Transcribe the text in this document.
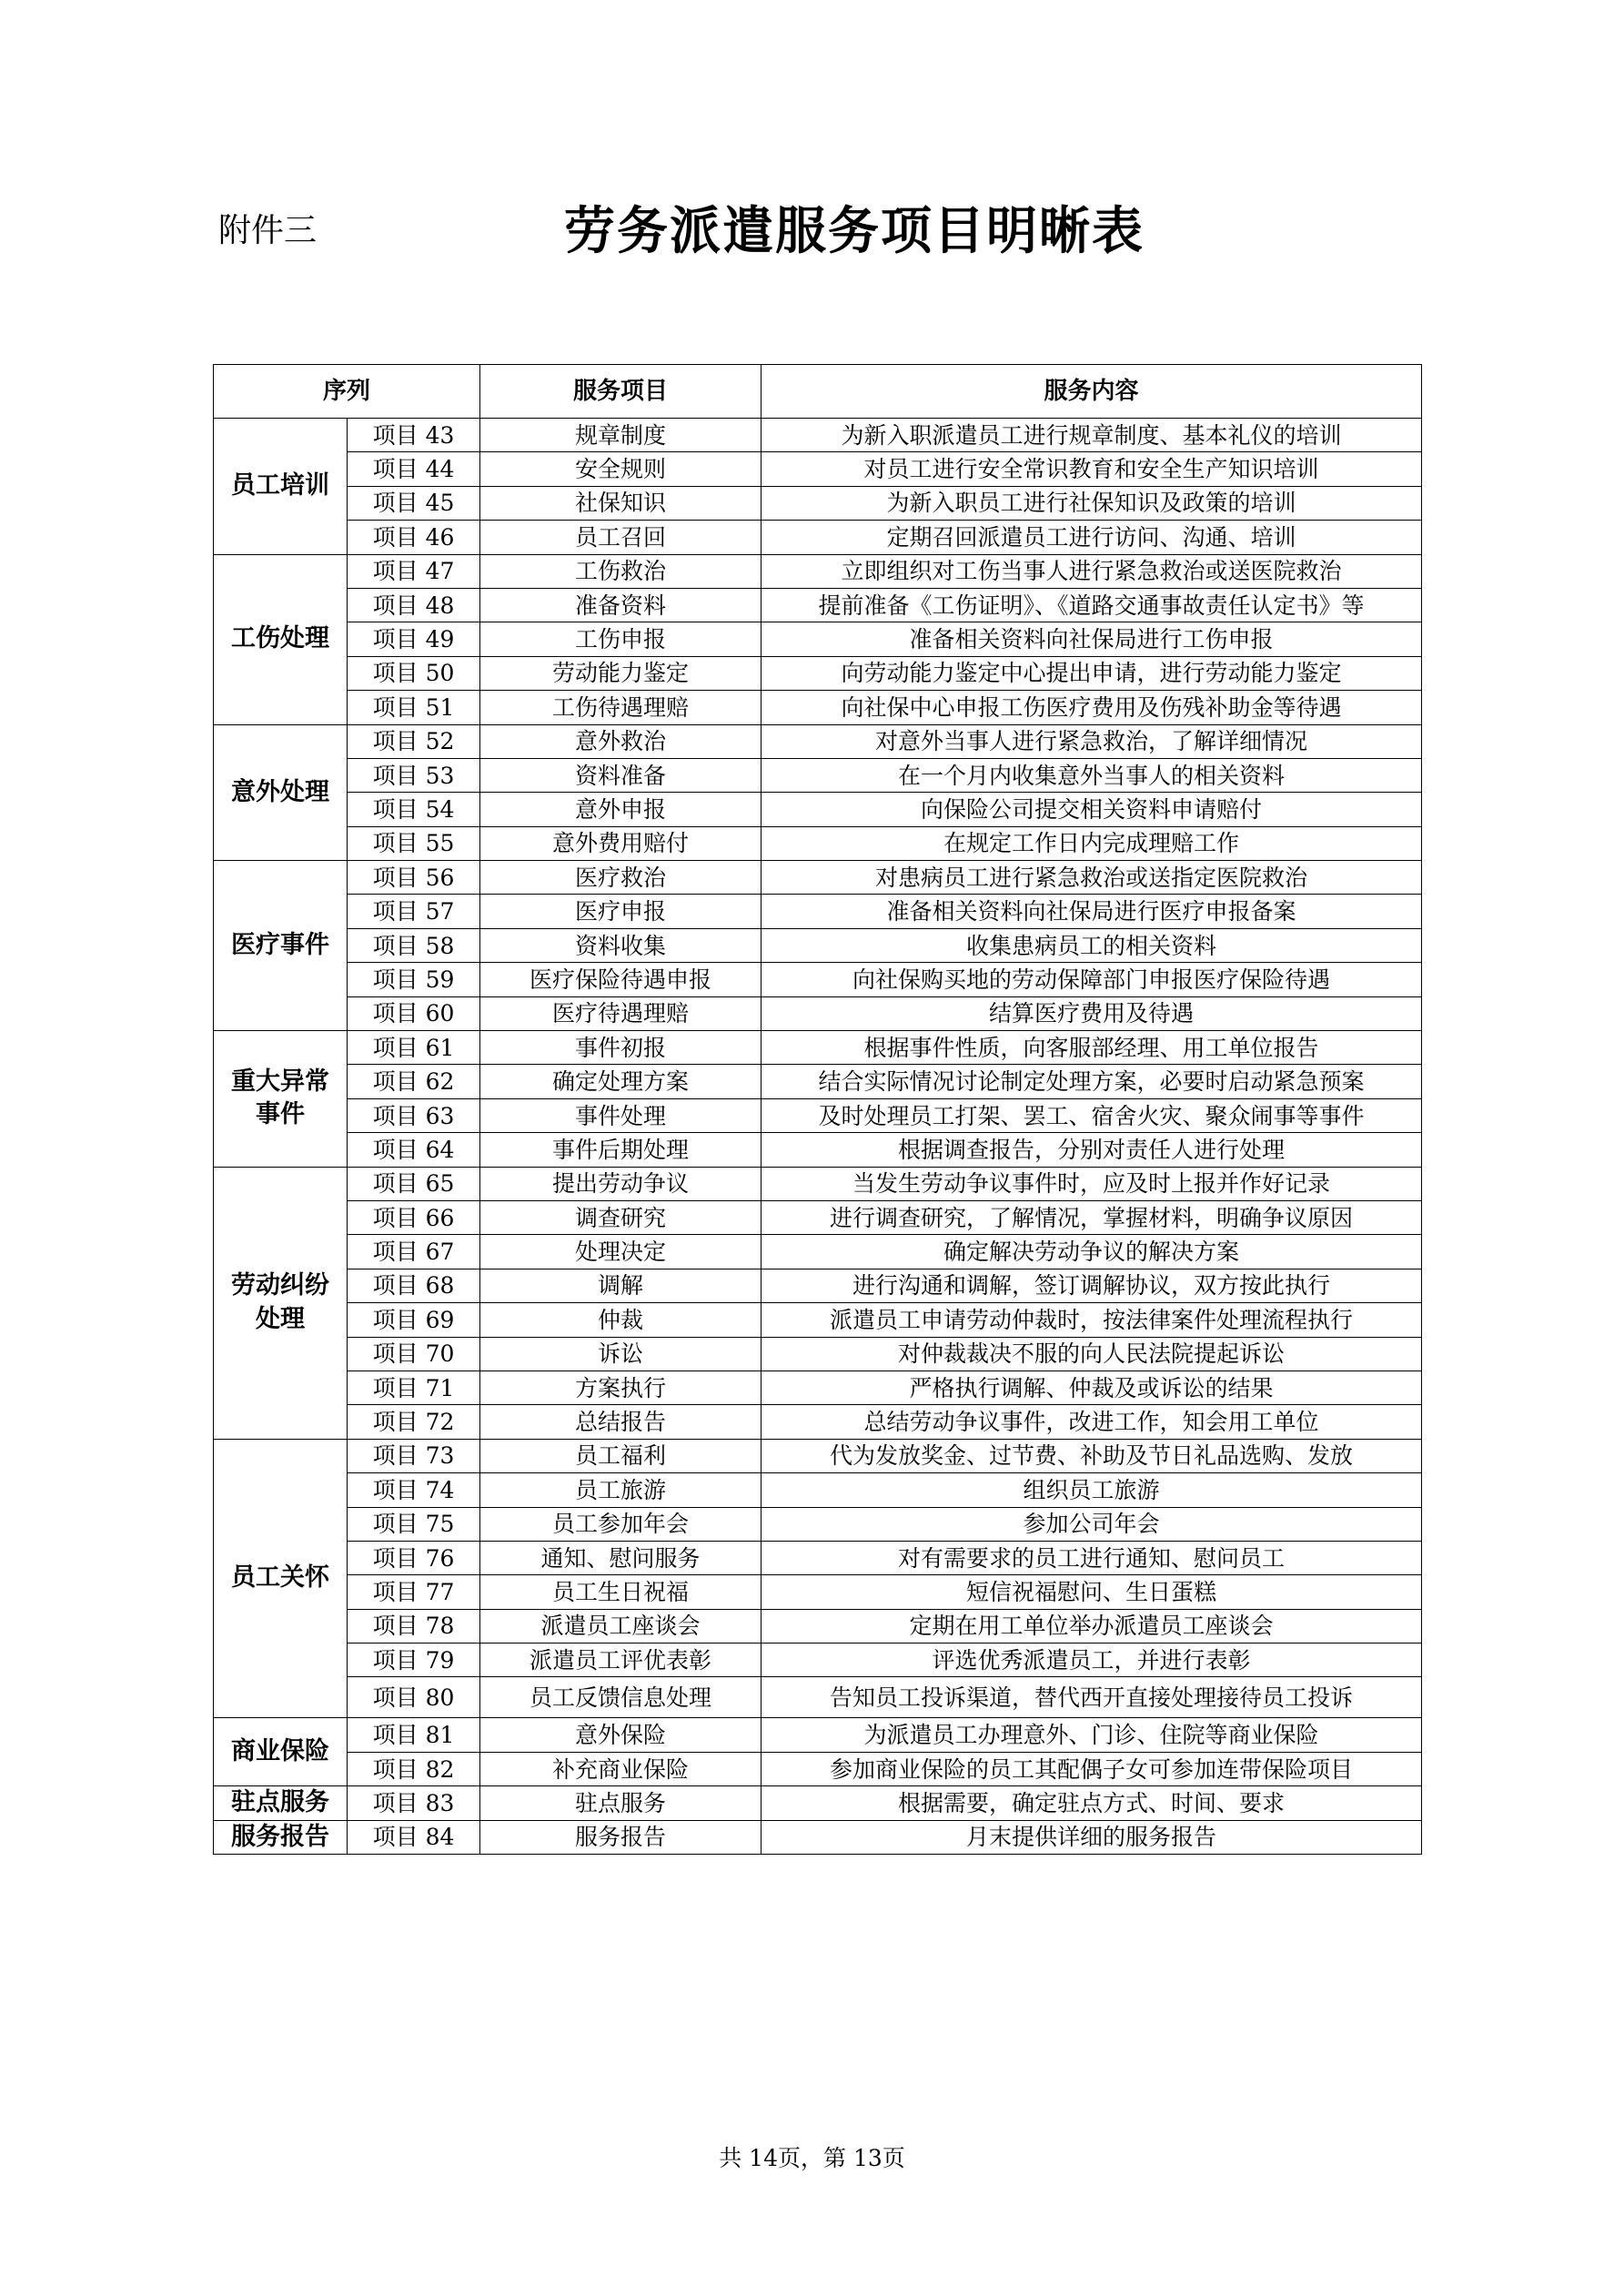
附件三	劳务派遣服务项目明晰表
序列		服务项目	服务内容
员工培训	项目 43	规章制度	为新入职派遣员工进行规章制度、基本礼仪的培训
	项目 44	安全规则	对员工进行安全常识教育和安全生产知识培训
	项目 45	社保知识	为新入职员工进行社保知识及政策的培训
	项目 46	员工召回	定期召回派遣员工进行访问、沟通、培训
工伤处理	项目 47	工伤救治	立即组织对工伤当事人进行紧急救治或送医院救治
	项目 48	准备资料	提前准备《工伤证明》、《道路交通事故责任认定书》等
	项目 49	工伤申报	准备相关资料向社保局进行工伤申报
	项目 50	劳动能力鉴定	向劳动能力鉴定中心提出申请，进行劳动能力鉴定
	项目 51	工伤待遇理赔	向社保中心申报工伤医疗费用及伤残补助金等待遇
意外处理	项目 52	意外救治	对意外当事人进行紧急救治，了解详细情况
	项目 53	资料准备	在一个月内收集意外当事人的相关资料
	项目 54	意外申报	向保险公司提交相关资料申请赔付
	项目 55	意外费用赔付	在规定工作日内完成理赔工作
医疗事件	项目 56	医疗救治	对患病员工进行紧急救治或送指定医院救治
	项目 57	医疗申报	准备相关资料向社保局进行医疗申报备案
	项目 58	资料收集	收集患病员工的相关资料
	项目 59	医疗保险待遇申报	向社保购买地的劳动保障部门申报医疗保险待遇
	项目 60	医疗待遇理赔	结算医疗费用及待遇
重大异常事件	项目 61	事件初报	根据事件性质，向客服部经理、用工单位报告
	项目 62	确定处理方案	结合实际情况讨论制定处理方案，必要时启动紧急预案
	项目 63	事件处理	及时处理员工打架、罢工、宿舍火灾、聚众闹事等事件
	项目 64	事件后期处理	根据调查报告，分别对责任人进行处理
劳动纠纷处理	项目 65	提出劳动争议	当发生劳动争议事件时，应及时上报并作好记录
	项目 66	调查研究	进行调查研究，了解情况，掌握材料，明确争议原因
	项目 67	处理决定	确定解决劳动争议的解决方案
	项目 68	调解	进行沟通和调解，签订调解协议，双方按此执行
	项目 69	仲裁	派遣员工申请劳动仲裁时，按法律案件处理流程执行
	项目 70	诉讼	对仲裁裁决不服的向人民法院提起诉讼
	项目 71	方案执行	严格执行调解、仲裁及或诉讼的结果
	项目 72	总结报告	总结劳动争议事件，改进工作，知会用工单位
员工关怀	项目 73	员工福利	代为发放奖金、过节费、补助及节日礼品选购、发放
	项目 74	员工旅游	组织员工旅游
	项目 75	员工参加年会	参加公司年会
	项目 76	通知、慰问服务	对有需要求的员工进行通知、慰问员工
	项目 77	员工生日祝福	短信祝福慰问、生日蛋糕
	项目 78	派遣员工座谈会	定期在用工单位举办派遣员工座谈会
	项目 79	派遣员工评优表彰	评选优秀派遣员工，并进行表彰
	项目 80	员工反馈信息处理	告知员工投诉渠道，替代西开直接处理接待员工投诉
商业保险	项目 81	意外保险	为派遣员工办理意外、门诊、住院等商业保险
	项目 82	补充商业保险	参加商业保险的员工其配偶子女可参加连带保险项目
驻点服务	项目 83	驻点服务	根据需要，确定驻点方式、时间、要求
服务报告	项目 84	服务报告	月末提供详细的服务报告
共 14页，第 13页
